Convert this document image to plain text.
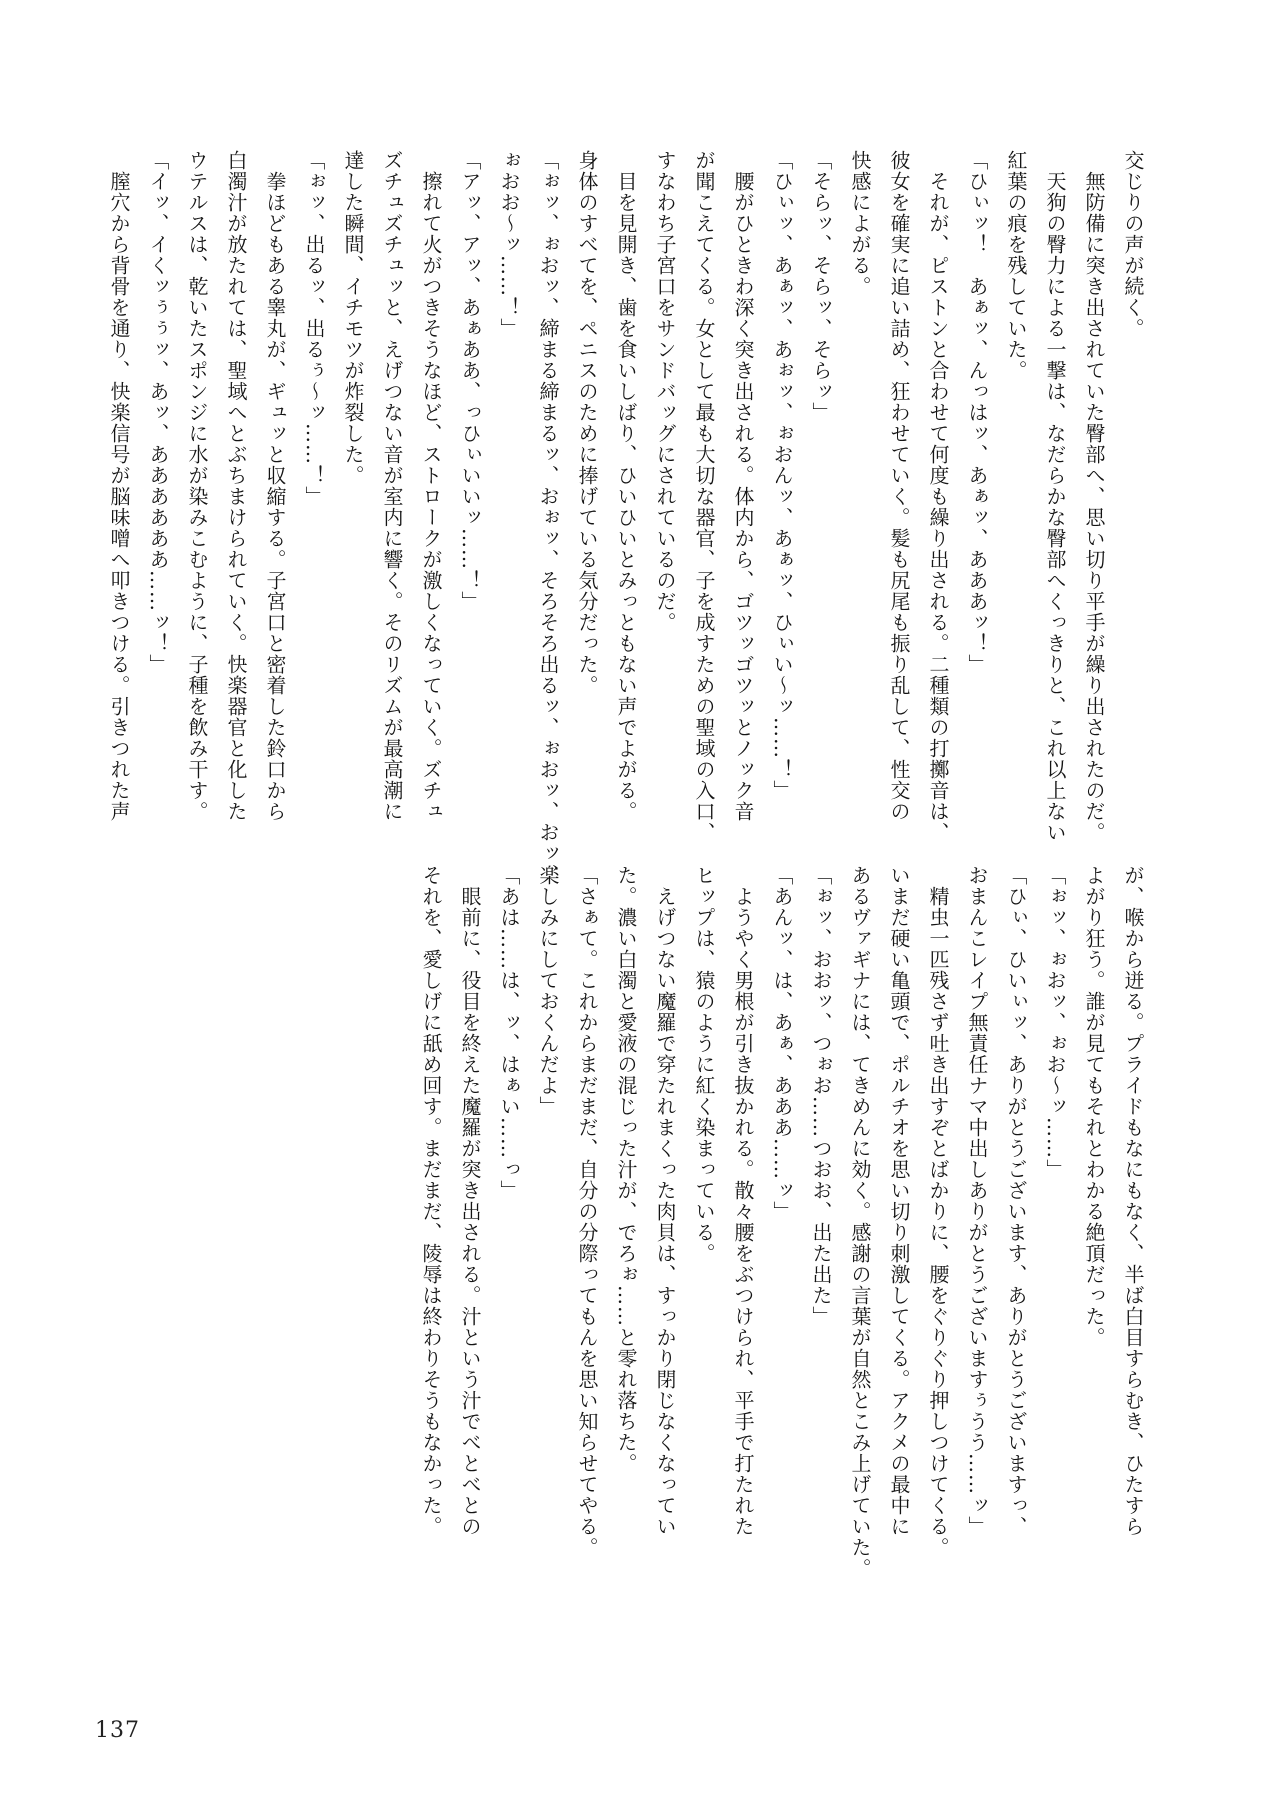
交じりの声が続く。

　無防備に突き出されていた臀部へ、思い切り平手が繰り出されたのだ。

　天狗の臀力による一撃は、なだらかな臀部へくっきりと、これ以上ない

紅葉の痕を残していた。

「ひぃッ！　あぁッ、んっはッ、あぁッ、あああッ！」

　それが、ピストンと合わせて何度も繰り出される。二種類の打擲音は、

彼女を確実に追い詰め、狂わせていく。髪も尻尾も振り乱して、性交の

快感によがる。

「そらッ、そらッ、そらッ」

「ひぃッ、あぁッ、あぉッ、ぉおんッ、あぁッ、ひぃい〜ッ……！」

　腰がひときわ深く突き出される。体内から、ゴツッゴツッとノック音

が聞こえてくる。女として最も大切な器官、子を成すための聖域の入口、

すなわち子宮口をサンドバッグにされているのだ。

　目を見開き、歯を食いしばり、ひいひいとみっともない声でよがる。

身体のすべてを、ペニスのために捧げている気分だった。

「ぉッ、ぉおッ、締まる締まるッ、おぉッ、そろそろ出るッ、ぉおッ、おッ、

ぉおお〜ッ……！」

「アッ、アッ、あぁああ、っひぃいいッ……！」

　擦れて火がつきそうなほど、ストロークが激しくなっていく。ズチュ

ズチュズチュッと、えげつない音が室内に響く。そのリズムが最高潮に

達した瞬間、イチモツが炸裂した。

「ぉッ、出るッ、出るぅ〜ッ……！」

　拳ほどもある睾丸が、ギュッと収縮する。子宮口と密着した鈴口から

白濁汁が放たれては、聖域へとぶちまけられていく。快楽器官と化した

ウテルスは、乾いたスポンジに水が染みこむように、子種を飲み干す。

「イッ、イくッぅぅッ、あッ、ああああああ……ッ！」

　膣穴から背骨を通り、快楽信号が脳味噌へ叩きつける。引きつれた声

が、喉から迸る。プライドもなにもなく、半ば白目すらむき、ひたすら

よがり狂う。誰が見てもそれとわかる絶頂だった。

「ぉッ、ぉおッ、ぉお〜ッ……」

「ひぃ、ひいぃッ、ありがとうございます、ありがとうございますっ、

おまんこレイプ無責任ナマ中出しありがとうございますぅうう……ッ」

　精虫一匹残さず吐き出すぞとばかりに、腰をぐりぐり押しつけてくる。

いまだ硬い亀頭で、ポルチオを思い切り刺激してくる。アクメの最中に

あるヴァギナには、てきめんに効く。感謝の言葉が自然とこみ上げていた。

「ぉッ、おおッ、つぉお……つおお、出た出た」

「あんッ、は、あぁ、あああ……ッ」

　ようやく男根が引き抜かれる。散々腰をぶつけられ、平手で打たれた

ヒップは、猿のように紅く染まっている。

　えげつない魔羅で穿たれまくった肉貝は、すっかり閉じなくなってい

た。濃い白濁と愛液の混じった汁が、でろぉ……と零れ落ちた。

「さぁて。これからまだまだ、自分の分際ってもんを思い知らせてやる。

楽しみにしておくんだよ」

「あは……は、ッ、はぁい……っ」

　眼前に、役目を終えた魔羅が突き出される。汁という汁でべとべとの

それを、愛しげに舐め回す。まだまだ、陵辱は終わりそうもなかった。

137
